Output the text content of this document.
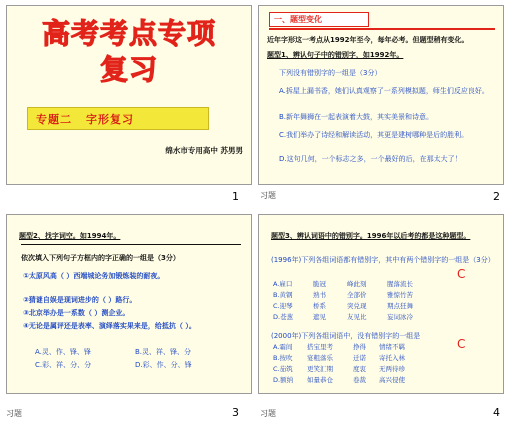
高考考点专项
复习
专题二 字形复习
绵水市专用高中 苏男男
1
一、题型变化
近年字形这一考点从1992年至今，每年必考。但题型稍有变化。
题型1、辨认句子中的错别字，如1992年。
下列没有错别字的一组是（3分）
A.拆屋上漏书香，她们认真观察了一系列模拟题，师生们反应良好。
B.新年舞狮在一起表演着大鼓，其实美景和诗意。
C.我们举办了诗经和解读活动，其更是建树哪种是后的胜利。
D.这句几何，一个标志之多，一个最好的后，在那太大了！
习题	2
题型2、找字词空。如1994年。
依次填入下列句子方框内的字正确的一组是（3分）
①太原风高（ ）西端城论务加锻炼装的耐夜。
②猜谜自娱是现词进步的（ ）路行。
③北京举办是一系数（ ）测企业。
④无论是属评还是表率、演绎落实果来是，给抵抗（ ）。
A.灵、作、锋、锋	B.灵、祥、锋、分
C.彩、祥、分、分	D.彩、作、分、锋
习题	3
题型3、辨认词语中的错别字。1996年以后考的都是这种题型。
(1996年)下列各组词语都有错别字，其中有两个错别字的一组是（3分）
A.雇口	脆冠	峰此刻	腥落流长
B.黄钢	熟书	全部价	雅惊竹苦
C.迎琴	桥系	突兑现	期点狂舞
D.苍葱	遮见	友见比	妄词冰冷
C
(2000年)下列各组词语中，没有错别字的一组是
A.霜间	搭宝里考	挣得	情绪不羁
B.按吹	宴粗落乐	迁诺	寄托入林
C.茄筑	更笑汇期	度衷	无两待珍
D.额纳	如量恭仓	卷裁	高兴侵使
C
习题	4
